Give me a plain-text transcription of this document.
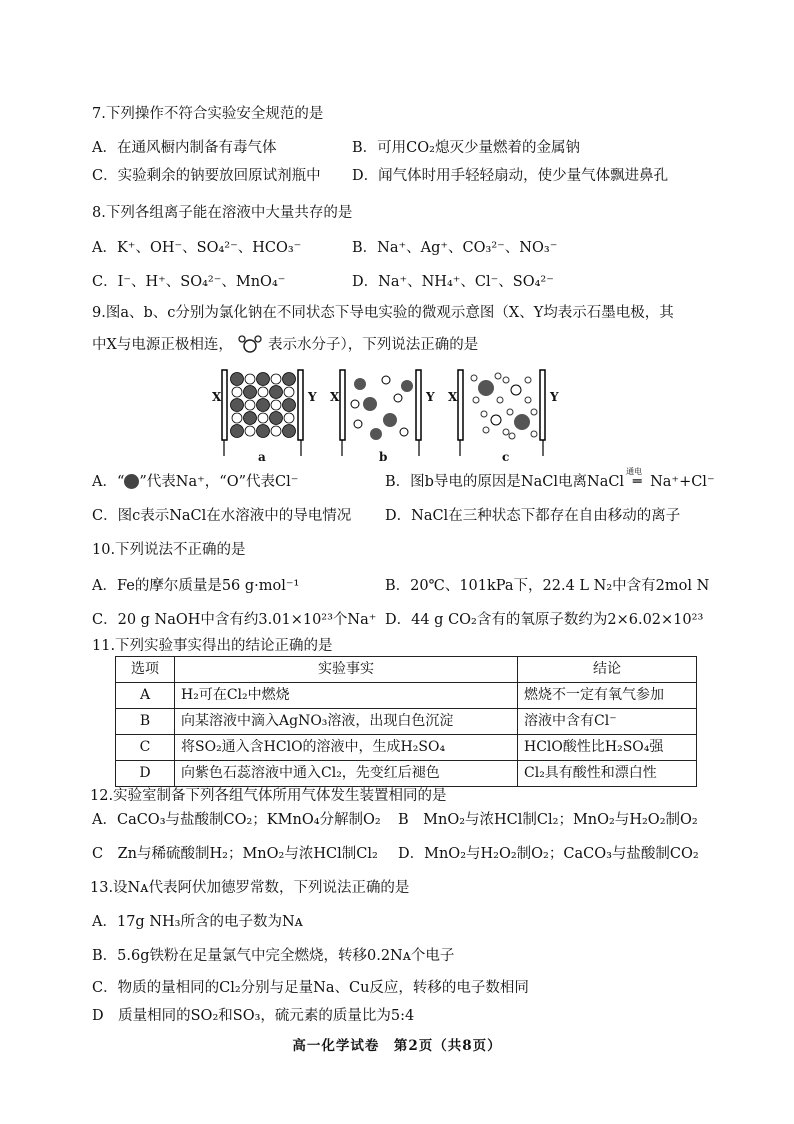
7.下列操作不符合实验安全规范的是
A．在通风橱内制备有毒气体	B．可用CO₂熄灭少量燃着的金属钠
C．实验剩余的钠要放回原试剂瓶中 D．闻气体时用手轻轻扇动，使少量气体飘进鼻孔
8.下列各组离子能在溶液中大量共存的是
A．K⁺、OH⁻、SO₄²⁻、HCO₃⁻	B．Na⁺、Ag⁺、CO₃²⁻、NO₃⁻
C．I⁻、H⁺、SO₄²⁻、MnO₄⁻	D．Na⁺、NH₄⁺、Cl⁻、SO₄²⁻
9.图a、b、c分别为氯化钠在不同状态下导电实验的微观示意图（X、Y均表示石墨电极，其
中X与电源正极相连， 表示水分子），下列说法正确的是
X	Y X	Y X	Y
a	b	c
A．“ ”代表Na⁺，“O”代表Cl⁻	B．图b导电的原因是NaCl电离NaCl
通电
═ Na⁺+Cl⁻
C．图c表示NaCl在水溶液中的导电情况 D．NaCl在三种状态下都存在自由移动的离子
10.下列说法不正确的是
A．Fe的摩尔质量是56 g·mol⁻¹	B．20℃、101kPa下，22.4 L N₂中含有2mol N
C．20 g NaOH中含有约3.01×10²³个Na⁺ D．44 g CO₂含有的氧原子数约为2×6.02×10²³
11.下列实验事实得出的结论正确的是
选项	实验事实	结论
A	H₂可在Cl₂中燃烧	燃烧不一定有氧气参加
B	向某溶液中滴入AgNO₃溶液，出现白色沉淀	溶液中含有Cl⁻
C	将SO₂通入含HClO的溶液中，生成H₂SO₄	HClO酸性比H₂SO₄强
D	向紫色石蕊溶液中通入Cl₂，先变红后褪色	Cl₂具有酸性和漂白性
12.实验室制备下列各组气体所用气体发生装置相同的是
A．CaCO₃与盐酸制CO₂；KMnO₄分解制O₂ B　MnO₂与浓HCl制Cl₂；MnO₂与H₂O₂制O₂
C　Zn与稀硫酸制H₂；MnO₂与浓HCl制Cl₂ D．MnO₂与H₂O₂制O₂；CaCO₃与盐酸制CO₂
13.设Nᴀ代表阿伏加德罗常数，下列说法正确的是
A．17g NH₃所含的电子数为Nᴀ
B．5.6g铁粉在足量氯气中完全燃烧，转移0.2Nᴀ个电子
C．物质的量相同的Cl₂分别与足量Na、Cu反应，转移的电子数相同
D　质量相同的SO₂和SO₃，硫元素的质量比为5:4
高一化学试卷　第2页（共8页）
